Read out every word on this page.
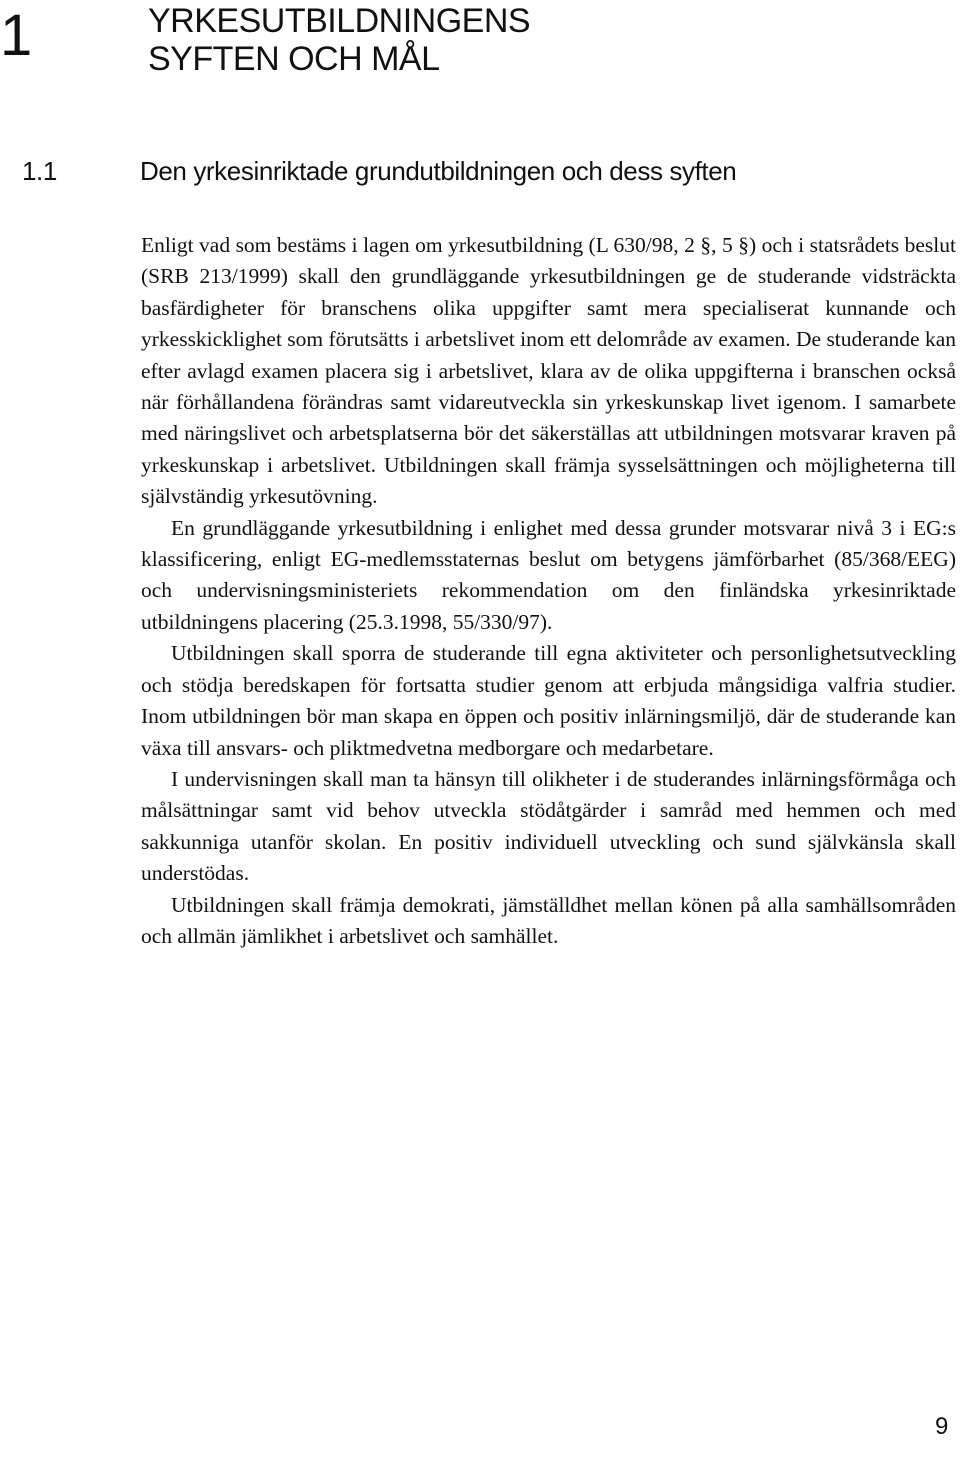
1	YRKESUTBILDNINGENS
SYFTEN OCH MÅL
1.1	Den yrkesinriktade grundutbildningen och dess syften

Enligt vad som bestäms i lagen om yrkesutbildning (L 630/98, 2 §, 5 §) och i statsrådets beslut (SRB 213/1999) skall den grundläggande yrkesutbildningen ge de studerande vidsträckta basfärdigheter för branschens olika uppgifter samt mera specialiserat kunnande och yrkesskicklighet som förutsätts i arbetslivet inom ett delområde av examen. De studerande kan efter avlagd examen placera sig i arbetslivet, klara av de olika uppgifterna i branschen också när förhållandena förändras samt vidareutveckla sin yrkeskunskap livet igenom. I samarbete med näringslivet och arbetsplatserna bör det säkerställas att utbildningen motsvarar kraven på yrkeskunskap i arbetslivet. Utbildningen skall främja sysselsättningen och möjligheterna till självständig yrkesutövning.

En grundläggande yrkesutbildning i enlighet med dessa grunder motsvarar nivå 3 i EG:s klassificering, enligt EG-medlemsstaternas beslut om betygens jämförbarhet (85/368/EEG) och undervisningsministeriets rekommendation om den finländska yrkesinriktade utbildningens placering (25.3.1998, 55/330/97).

Utbildningen skall sporra de studerande till egna aktiviteter och personlighetsutveckling och stödja beredskapen för fortsatta studier genom att erbjuda mångsidiga valfria studier. Inom utbildningen bör man skapa en öppen och positiv inlärningsmiljö, där de studerande kan växa till ansvars- och pliktmedvetna medborgare och medarbetare.

I undervisningen skall man ta hänsyn till olikheter i de studerandes inlärningsförmåga och målsättningar samt vid behov utveckla stödåtgärder i samråd med hemmen och med sakkunniga utanför skolan. En positiv individuell utveckling och sund självkänsla skall understödas.

Utbildningen skall främja demokrati, jämställdhet mellan könen på alla samhällsområden och allmän jämlikhet i arbetslivet och samhället.

9
